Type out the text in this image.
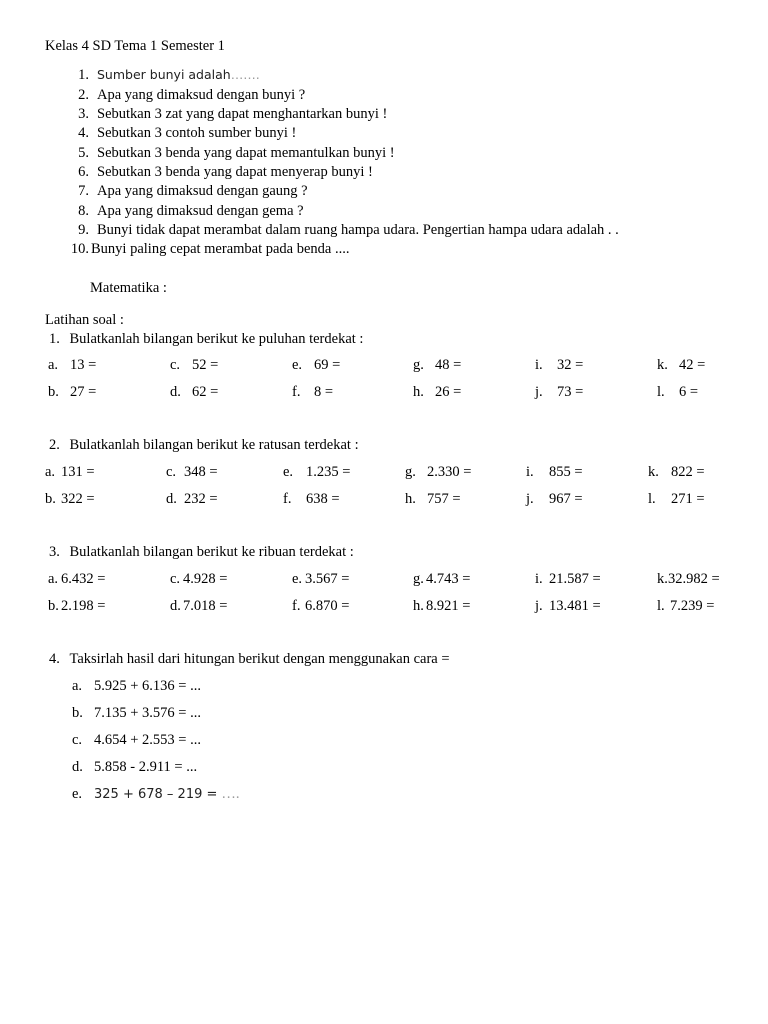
Kelas 4 SD Tema 1 Semester 1
1. Sumber bunyi adalah…….
2. Apa yang dimaksud dengan bunyi ?
3. Sebutkan 3 zat yang dapat menghantarkan bunyi !
4. Sebutkan 3 contoh sumber bunyi !
5. Sebutkan 3 benda yang dapat memantulkan bunyi !
6. Sebutkan 3 benda yang dapat menyerap bunyi !
7. Apa yang dimaksud dengan gaung ?
8. Apa yang dimaksud dengan gema ?
9. Bunyi tidak dapat merambat dalam ruang hampa udara. Pengertian hampa udara adalah . .
10. Bunyi paling cepat merambat pada benda ....
Matematika :
Latihan soal :
1. Bulatkanlah bilangan berikut ke puluhan terdekat :
a. 13 =	c. 52 =	e. 69 =	g. 48 =	i. 32 =	k. 42 =
b. 27 =	d. 62 =	f. 8 =	h. 26 =	j. 73 =	l. 6 =
2. Bulatkanlah bilangan berikut ke ratusan terdekat :
a. 131 =	c. 348 =	e. 1.235 =	g. 2.330 =	i. 855 =	k. 822 =
b. 322 =	d. 232 =	f. 638 =	h. 757 =	j. 967 =	l. 271 =
3. Bulatkanlah bilangan berikut ke ribuan terdekat :
a. 6.432 =	c. 4.928 =	e. 3.567 =	g. 4.743 =	i. 21.587 =	k.32.982 =
b. 2.198 =	d. 7.018 =	f. 6.870 =	h. 8.921 =	j. 13.481 =	l. 7.239 =
4. Taksirlah hasil dari hitungan berikut dengan menggunakan cara =
a. 5.925 + 6.136 = ...
b. 7.135 + 3.576 = ...
c. 4.654 + 2.553 = ...
d. 5.858 - 2.911 = ...
e. 325 + 678 – 219 = ….
